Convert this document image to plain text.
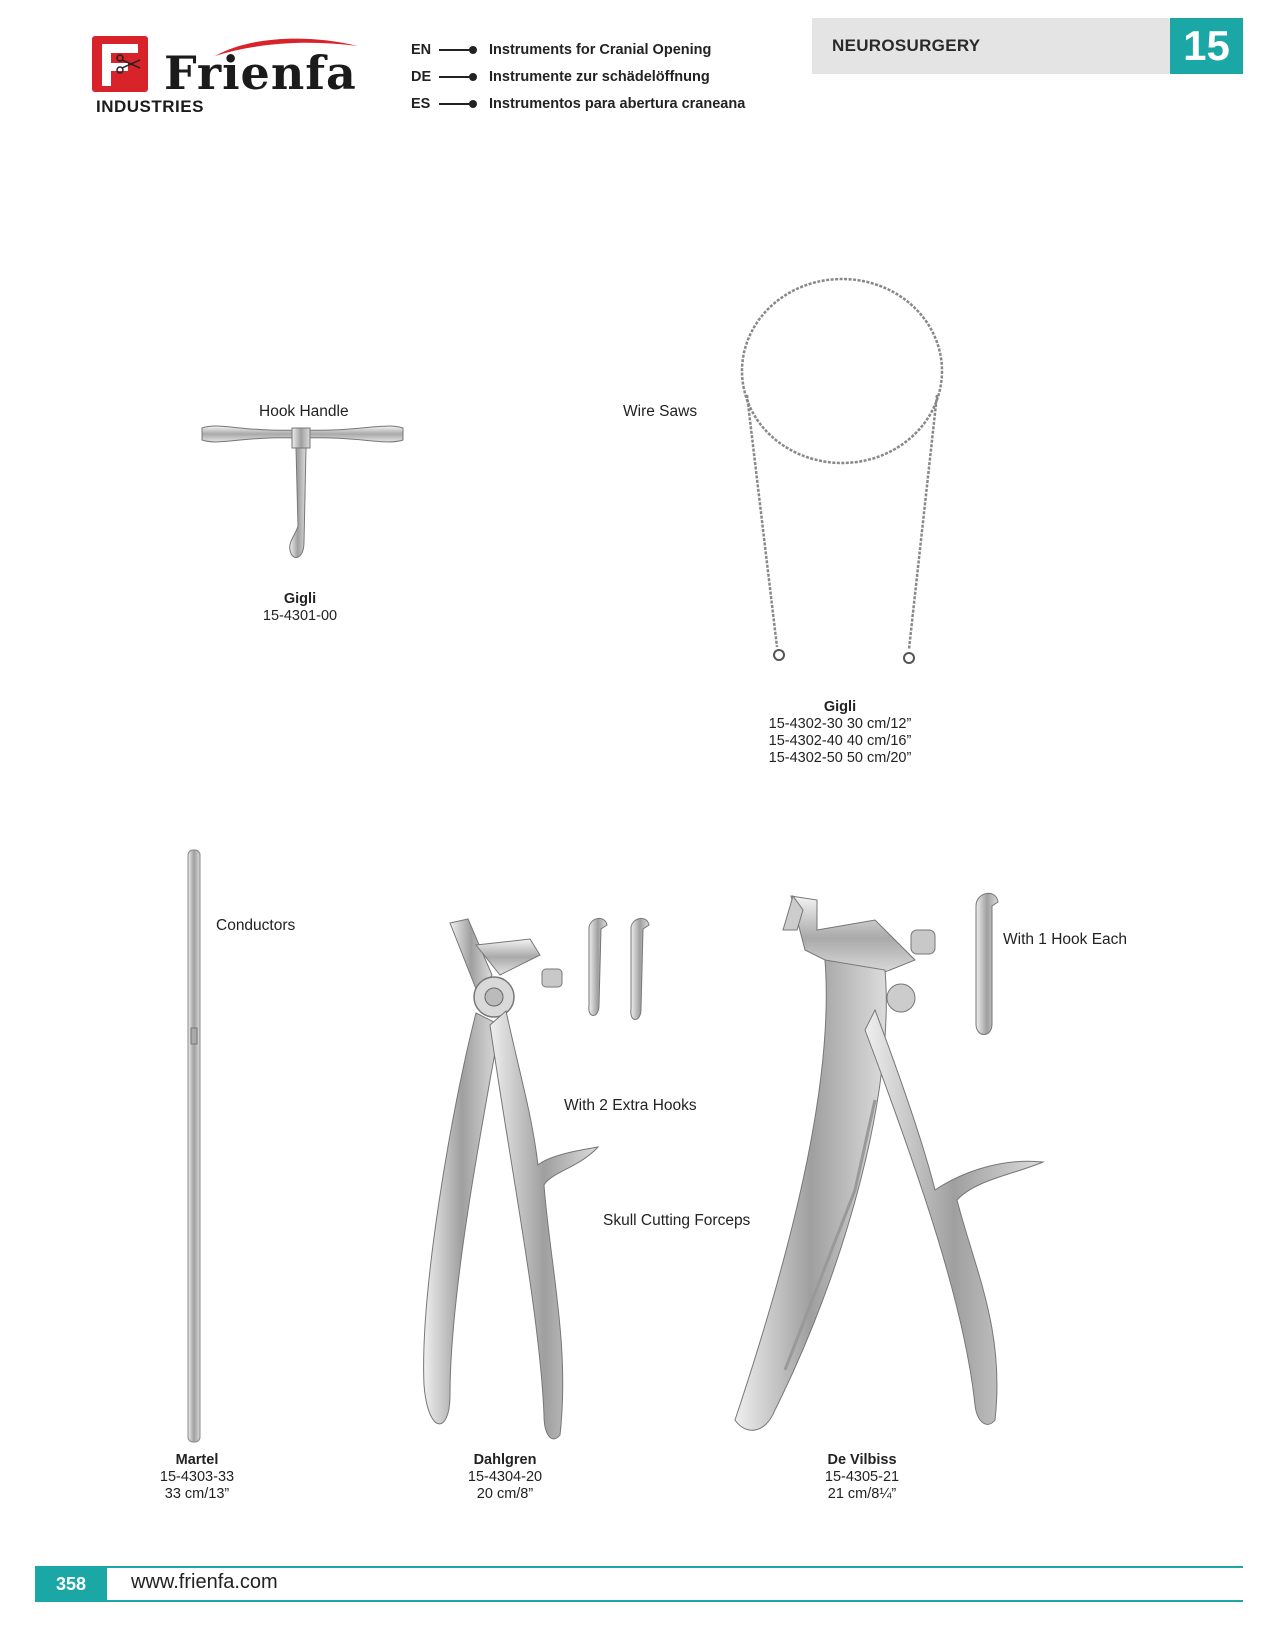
Frienfa
INDUSTRIES
EN	Instruments for Cranial Opening
DE	Instrumente zur schädelöffnung
ES	Instrumentos para abertura craneana
NEUROSURGERY	15
Hook Handle
Gigli
15-4301-00
Wire Saws
Gigli
15-4302-30 30 cm/12”
15-4302-40 40 cm/16”
15-4302-50 50 cm/20”
Conductors
Martel
15-4303-33
33 cm/13”
With 2 Extra Hooks
Skull Cutting Forceps
Dahlgren
15-4304-20
20 cm/8”
With 1 Hook Each
De Vilbiss
15-4305-21
21 cm/8¼”
358	www.frienfa.com
